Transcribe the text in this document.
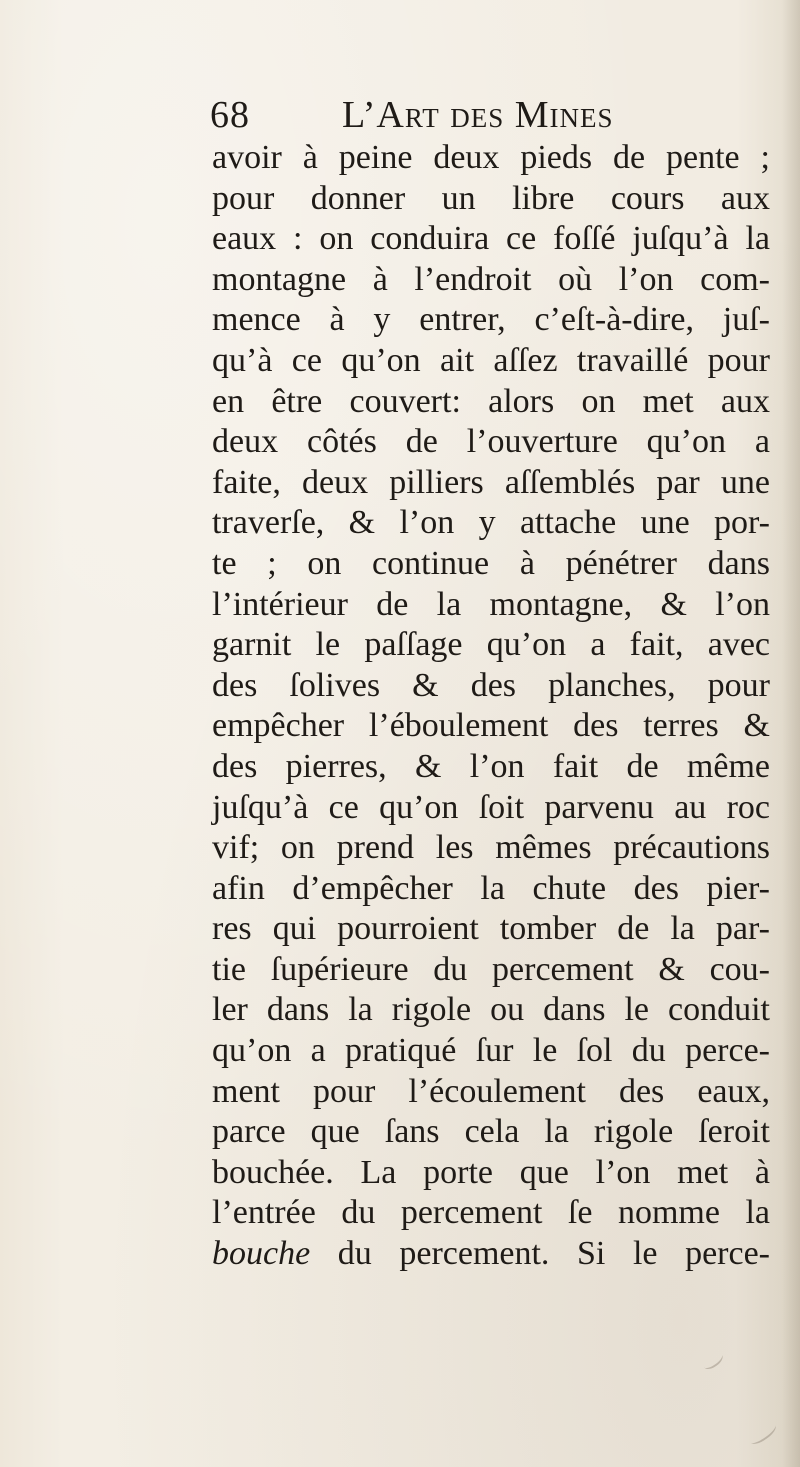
68 L’Art des Mines
avoir à peine deux pieds de pente ;
pour donner un libre cours aux
eaux : on conduira ce foſſé juſqu’à la
montagne à l’endroit où l’on com-
mence à y entrer, c’eſt-à-dire, juſ-
qu’à ce qu’on ait aſſez travaillé pour
en être couvert: alors on met aux
deux côtés de l’ouverture qu’on a
faite, deux pilliers aſſemblés par une
traverſe, & l’on y attache une por-
te ; on continue à pénétrer dans
l’intérieur de la montagne, & l’on
garnit le paſſage qu’on a fait, avec
des ſolives & des planches, pour
empêcher l’éboulement des terres &
des pierres, & l’on fait de même
juſqu’à ce qu’on ſoit parvenu au roc
vif; on prend les mêmes précautions
afin d’empêcher la chute des pier-
res qui pourroient tomber de la par-
tie ſupérieure du percement & cou-
ler dans la rigole ou dans le conduit
qu’on a pratiqué ſur le ſol du perce-
ment pour l’écoulement des eaux,
parce que ſans cela la rigole ſeroit
bouchée. La porte que l’on met à
l’entrée du percement ſe nomme la
bouche du percement. Si le perce-
